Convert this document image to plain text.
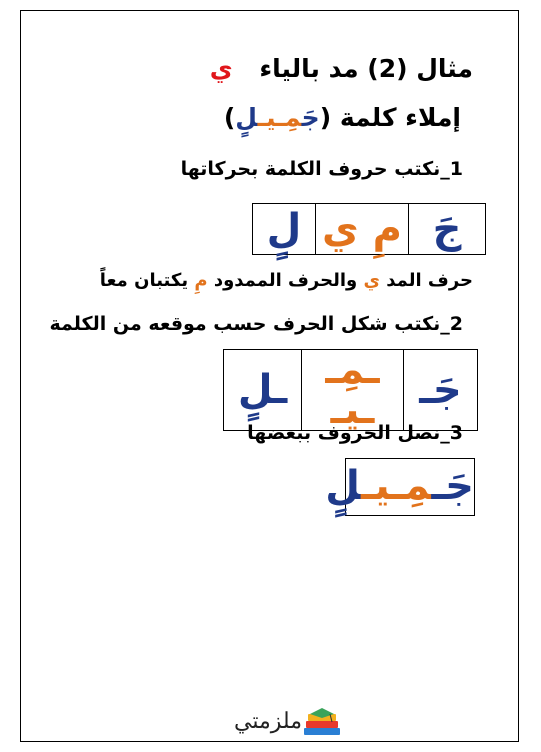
مثال (2) مد بالياء ي
إملاء كلمة (جَمِـيـلٍ)
1_نكتب حروف الكلمة بحركاتها
جَ	مِ ي	لٍ
حرف المد ي والحرف الممدود مِ يكتبان معاً
2_نكتب شكل الحرف حسب موقعه من الكلمة
جَـ	ـمِـ ـيـ	ـلٍ
3_نصل الحروف ببعضها
جَـمِـيـلٍ
ملزمتي
